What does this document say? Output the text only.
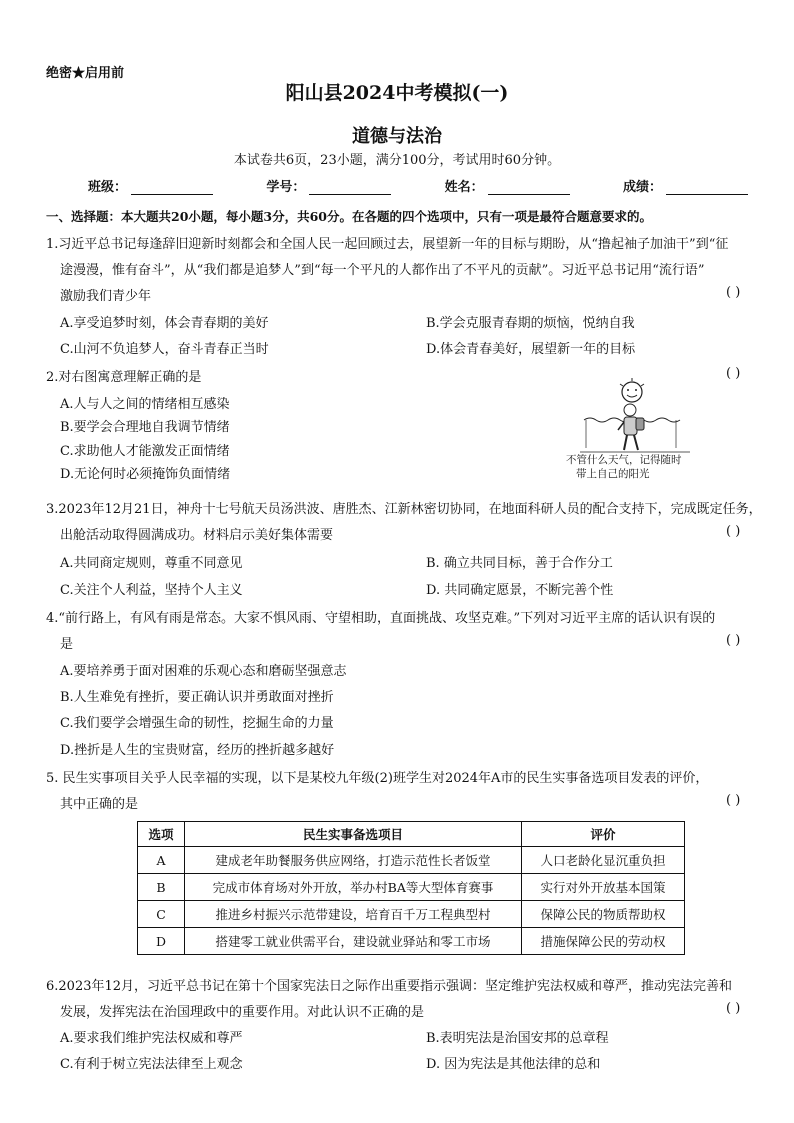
绝密★启用前
阳山县2024中考模拟(一)
道德与法治
本试卷共6页，23小题，满分100分，考试用时60分钟。
班级：	学号：	姓名：	成绩：
一、选择题：本大题共20小题，每小题3分，共60分。在各题的四个选项中，只有一项是最符合题意要求的。
1.习近平总书记每逢辞旧迎新时刻都会和全国人民一起回顾过去，展望新一年的目标与期盼，从“撸起袖子加油干”到“征
途漫漫，惟有奋斗”，从“我们都是追梦人”到“每一个平凡的人都作出了不平凡的贡献”。习近平总书记用“流行语”
激励我们青少年	( )
A.享受追梦时刻，体会青春期的美好	B.学会克服青春期的烦恼，悦纳自我
C.山河不负追梦人，奋斗青春正当时	D.体会青春美好，展望新一年的目标
2.对右图寓意理解正确的是	( )
A.人与人之间的情绪相互感染
B.要学会合理地自我调节情绪
C.求助他人才能激发正面情绪
D.无论何时必须掩饰负面情绪
不管什么天气，记得随时
带上自己的阳光
3.2023年12月21日，神舟十七号航天员汤洪波、唐胜杰、江新林密切协同，在地面科研人员的配合支持下，完成既定任务，
出舱活动取得圆满成功。材料启示美好集体需要	( )
A.共同商定规则，尊重不同意见	B. 确立共同目标，善于合作分工
C.关注个人利益，坚持个人主义	D. 共同确定愿景，不断完善个性
4.“前行路上，有风有雨是常态。大家不惧风雨、守望相助，直面挑战、攻坚克难。”下列对习近平主席的话认识有误的
是	( )
A.要培养勇于面对困难的乐观心态和磨砺坚强意志
B.人生难免有挫折，要正确认识并勇敢面对挫折
C.我们要学会增强生命的韧性，挖掘生命的力量
D.挫折是人生的宝贵财富，经历的挫折越多越好
5. 民生实事项目关乎人民幸福的实现，以下是某校九年级(2)班学生对2024年A市的民生实事备选项目发表的评价，
其中正确的是	( )
选项	民生实事备选项目	评价
A	建成老年助餐服务供应网络，打造示范性长者饭堂	人口老龄化显沉重负担
B	完成市体育场对外开放，举办村BA等大型体育赛事	实行对外开放基本国策
C	推进乡村振兴示范带建设，培育百千万工程典型村	保障公民的物质帮助权
D	搭建零工就业供需平台，建设就业驿站和零工市场	措施保障公民的劳动权
6.2023年12月，习近平总书记在第十个国家宪法日之际作出重要指示强调：坚定维护宪法权威和尊严，推动宪法完善和
发展，发挥宪法在治国理政中的重要作用。对此认识不正确的是	( )
A.要求我们维护宪法权威和尊严	B.表明宪法是治国安邦的总章程
C.有利于树立宪法法律至上观念	D. 因为宪法是其他法律的总和
